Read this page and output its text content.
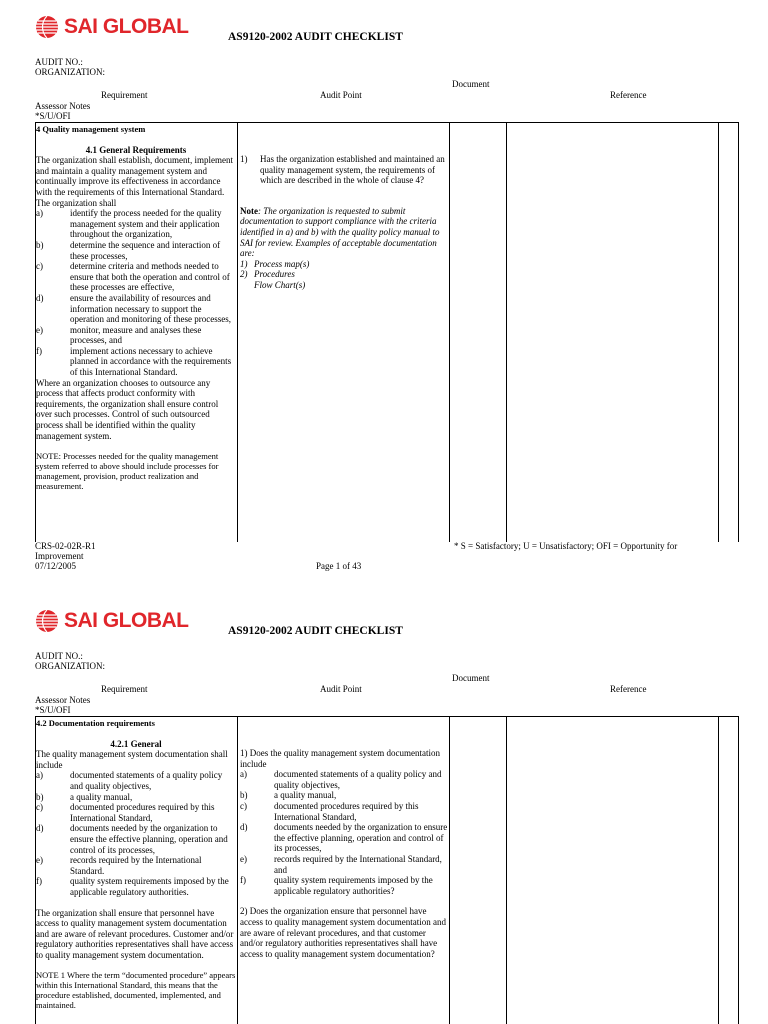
SAI GLOBAL	AS9120-2002 AUDIT CHECKLIST
AUDIT NO.:
ORGANIZATION:
Document
Requirement	Audit Point	Reference
Assessor Notes
*S/U/OFI

4 Quality management system

4.1 General Requirements

The organization shall establish, document, implement and maintain a quality management system and continually improve its effectiveness in accordance with the requirements of this International Standard.

The organization shall

a)	identify the process needed for the quality management system and their application throughout the organization,
b)	determine the sequence and interaction of these processes,
c)	determine criteria and methods needed to ensure that both the operation and control of these processes are effective,
d)	ensure the availability of resources and information necessary to support the operation and monitoring of these processes,
e)	monitor, measure and analyses these processes, and
f)	implement actions necessary to achieve planned in accordance with the requirements of this International Standard.

Where an organization chooses to outsource any process that affects product conformity with requirements, the organization shall ensure control over such processes. Control of such outsourced process shall be identified within the quality management system.

NOTE: Processes needed for the quality management system referred to above should include processes for management, provision, product realization and measurement.

1)	Has the organization established and maintained an quality management system, the requirements of which are described in the whole of clause 4?

Note: The organization is requested to submit documentation to support compliance with the criteria identified in a) and b) with the quality policy manual to SAI for review. Examples of acceptable documentation are:

1) Process map(s)
2) Procedures

Flow Chart(s)

CRS-02-02R-R1
Improvement
* S = Satisfactory; U = Unsatisfactory; OFI = Opportunity for
07/12/2005	Page 1 of 43
SAI GLOBAL	AS9120-2002 AUDIT CHECKLIST
AUDIT NO.:
ORGANIZATION:
Document
Requirement	Audit Point	Reference
Assessor Notes
*S/U/OFI

4.2 Documentation requirements

4.2.1 General

The quality management system documentation shall include

a)	documented statements of a quality policy and quality objectives,
b)	a quality manual,
c)	documented procedures required by this International Standard,
d)	documents needed by the organization to ensure the effective planning, operation and control of its processes,
e)	records required by the International Standard.
f)	quality system requirements imposed by the applicable regulatory authorities.

The organization shall ensure that personnel have access to quality management system documentation and are aware of relevant procedures. Customer and/or regulatory authorities representatives shall have access to quality management system documentation.

NOTE 1 Where the term “documented procedure” appears within this International Standard, this means that the procedure established, documented, implemented, and maintained.

1) Does the quality management system documentation include

a)	documented statements of a quality policy and quality objectives,
b)	a quality manual,
c)	documented procedures required by this International Standard,
d)	documents needed by the organization to ensure the effective planning, operation and control of its processes,
e)	records required by the International Standard, and
f)	quality system requirements imposed by the applicable regulatory authorities?

2) Does the organization ensure that personnel have access to quality management system documentation and are aware of relevant procedures, and that customer and/or regulatory authorities representatives shall have access to quality management system documentation?
